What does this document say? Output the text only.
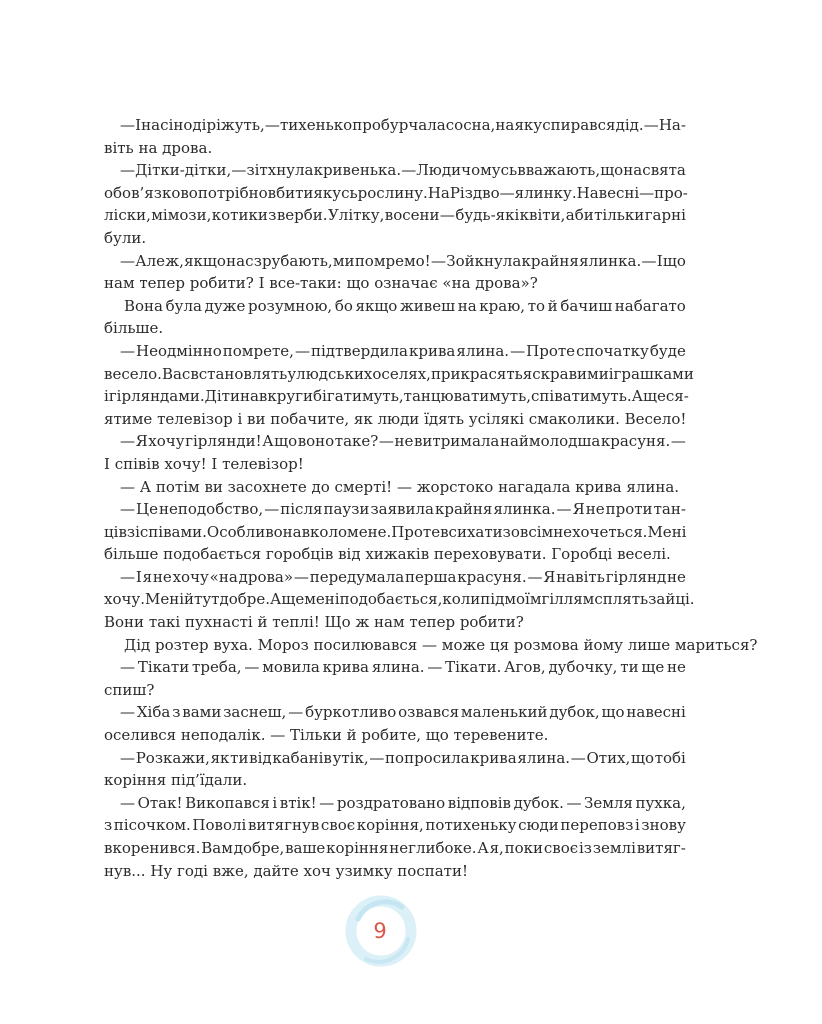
— І нас іноді ріжуть, — тихенько пробурчала сосна, на яку спирався дід. — На-
віть на дрова.
— Дітки-дітки, — зітхнула кривенька. — Люди чомусь вважають, що на свята
обов’язково потрібно вбити якусь рослину. На Різдво — ялинку. Навесні — про-
ліски, мімози, котики з верби. Улітку, восени — будь-які квіти, аби тільки гарні
були.
— Але ж, якщо нас зрубають, ми помремо! — Зойкнула крайня ялинка. — І що
нам тепер робити? І все-таки: що означає «на дрова»?
Вона була дуже розумною, бо якщо живеш на краю, то й бачиш набагато
більше.
— Неодмінно помрете, — підтвердила крива ялина. — Проте спочатку буде
весело. Вас встановлять у людських оселях, прикрасять яскравими іграшками
і гірляндами. Діти навкруги бігатимуть, танцюватимуть, співатимуть. А ще ся-
ятиме телевізор і ви побачите, як люди їдять усілякі смаколики. Весело!
— Я хочу гірлянди! А що воно таке? — не витримала наймолодша красуня. —
І співів хочу! І телевізор!
— А потім ви засохнете до смерті! — жорстоко нагадала крива ялина.
— Це неподобство, — після паузи заявила крайня ялинка. — Я не проти тан-
ців зі співами. Особливо навколо мене. Проте всихати зовсім не хочеться. Мені
більше подобається горобців від хижаків переховувати. Горобці веселі.
— І я не хочу «на дрова» — передумала перша красуня. — Я навіть гірлянд не
хочу. Мені й тут добре. А ще мені подобається, коли під моїм гіллям сплять зайці.
Вони такі пухнасті й теплі! Що ж нам тепер робити?
Дід розтер вуха. Мороз посилювався — може ця розмова йому лише мариться?
— Тікати треба, — мовила крива ялина. — Тікати. Агов, дубочку, ти ще не
спиш?
— Хіба з вами заснеш, — буркотливо озвався маленький дубок, що навесні
оселився неподалік. — Тільки й робите, що теревените.
— Розкажи, як ти від кабанів утік, — попросила крива ялина. — Отих, що тобі
коріння під’їдали.
— Отак! Викопався і втік! — роздратовано відповів дубок. — Земля пухка,
з пісочком. Поволі витягнув своє коріння, потихеньку сюди переповз і знову
вкоренився. Вам добре, ваше коріння неглибоке. А я, поки своє із землі витяг-
нув... Ну годі вже, дайте хоч узимку поспати!
9
